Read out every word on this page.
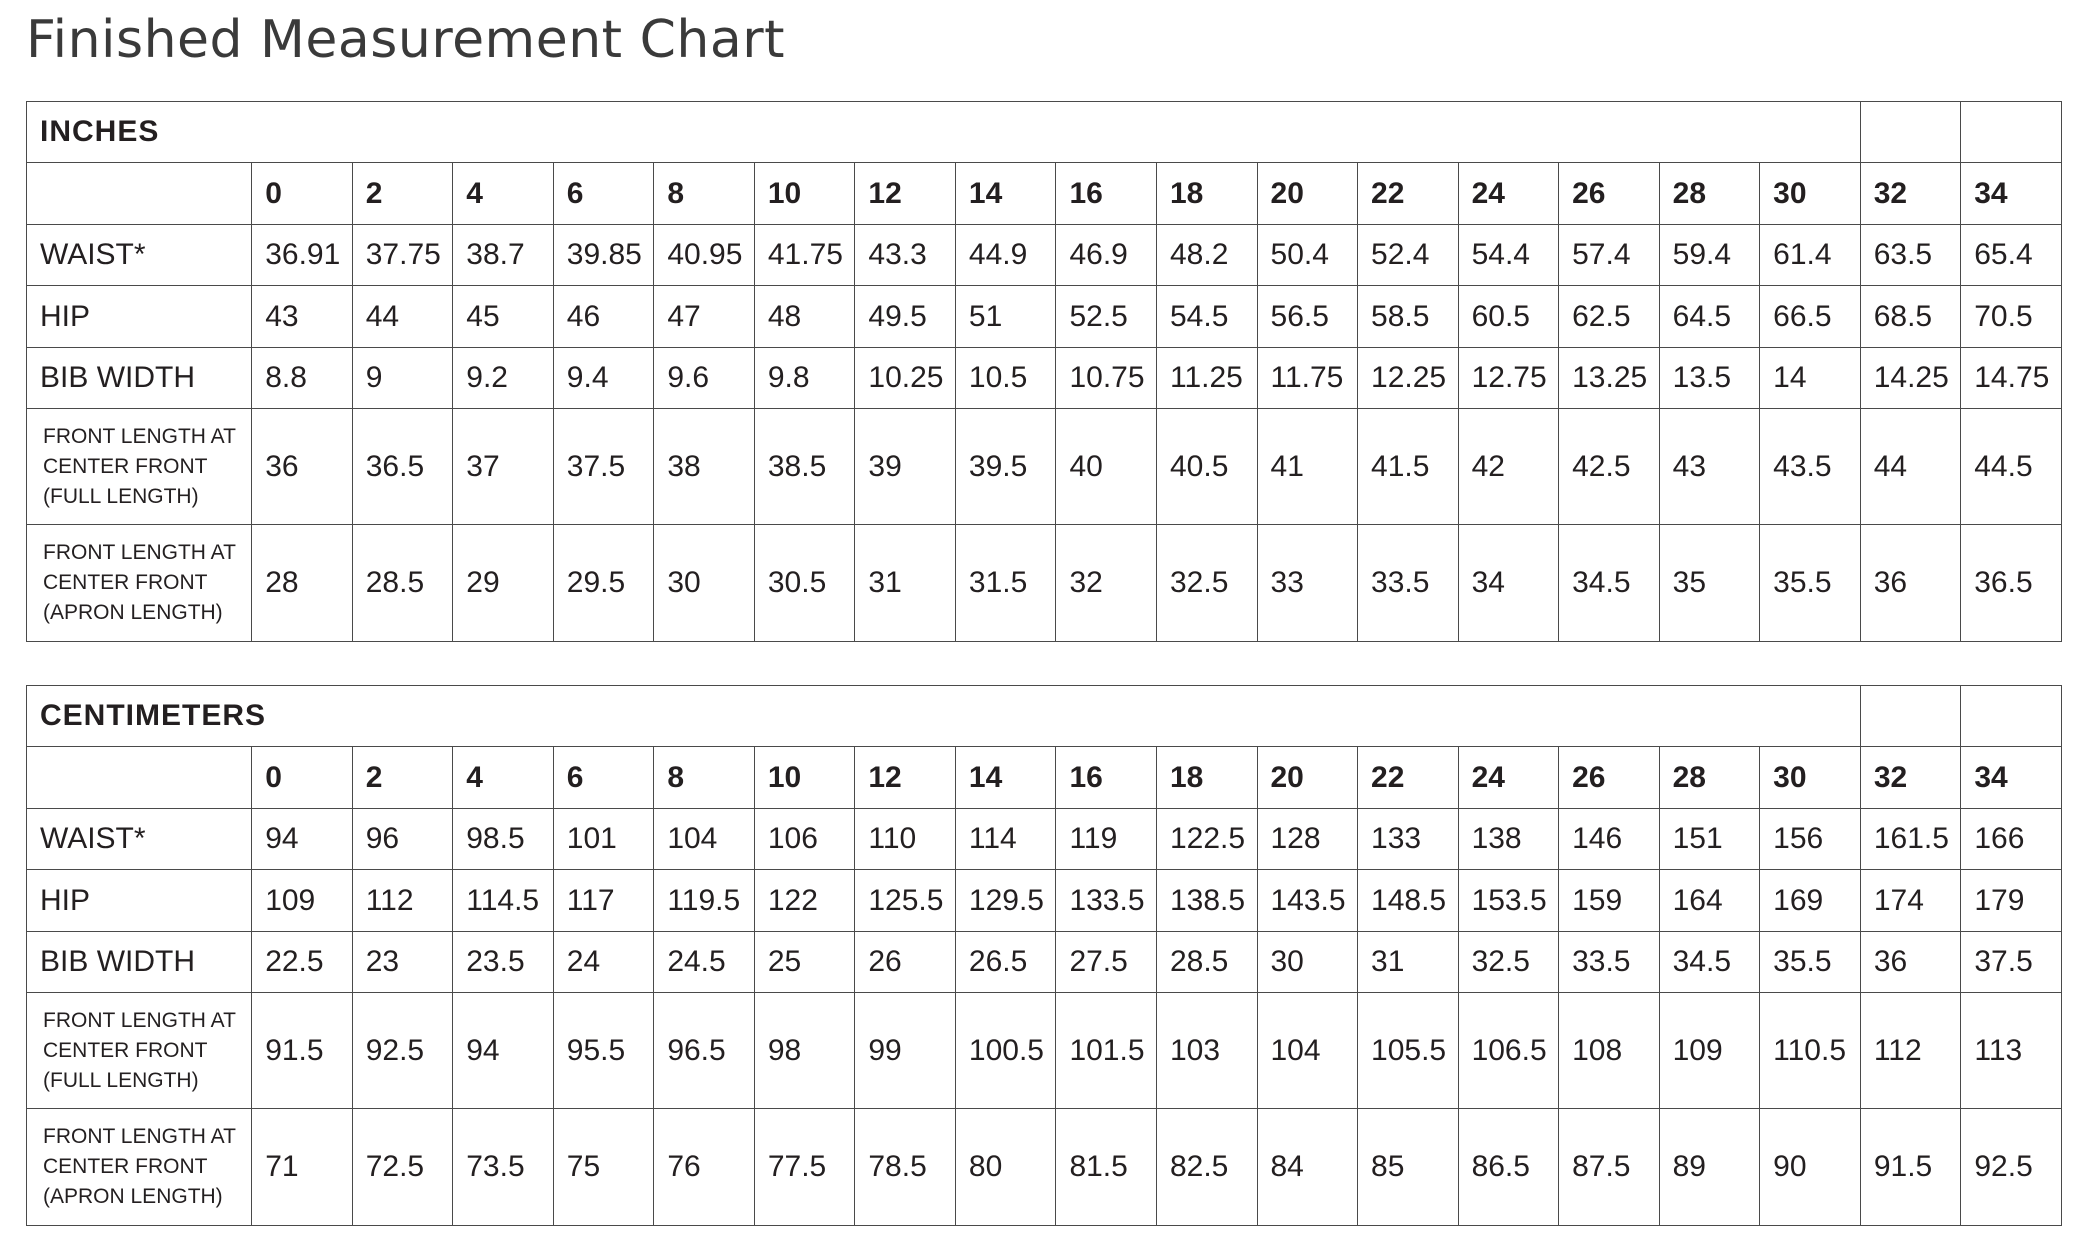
Finished Measurement Chart
INCHES																		
	0	2	4	6	8	10	12	14	16	18	20	22	24	26	28	30	32	34
WAIST*	36.91	37.75	38.7	39.85	40.95	41.75	43.3	44.9	46.9	48.2	50.4	52.4	54.4	57.4	59.4	61.4	63.5	65.4
HIP	43	44	45	46	47	48	49.5	51	52.5	54.5	56.5	58.5	60.5	62.5	64.5	66.5	68.5	70.5
BIB WIDTH	8.8	9	9.2	9.4	9.6	9.8	10.25	10.5	10.75	11.25	11.75	12.25	12.75	13.25	13.5	14	14.25	14.75
FRONT LENGTH AT CENTER FRONT (FULL LENGTH)	36	36.5	37	37.5	38	38.5	39	39.5	40	40.5	41	41.5	42	42.5	43	43.5	44	44.5
FRONT LENGTH AT CENTER FRONT (APRON LENGTH)	28	28.5	29	29.5	30	30.5	31	31.5	32	32.5	33	33.5	34	34.5	35	35.5	36	36.5
CENTIMETERS																		
	0	2	4	6	8	10	12	14	16	18	20	22	24	26	28	30	32	34
WAIST*	94	96	98.5	101	104	106	110	114	119	122.5	128	133	138	146	151	156	161.5	166
HIP	109	112	114.5	117	119.5	122	125.5	129.5	133.5	138.5	143.5	148.5	153.5	159	164	169	174	179
BIB WIDTH	22.5	23	23.5	24	24.5	25	26	26.5	27.5	28.5	30	31	32.5	33.5	34.5	35.5	36	37.5
FRONT LENGTH AT CENTER FRONT (FULL LENGTH)	91.5	92.5	94	95.5	96.5	98	99	100.5	101.5	103	104	105.5	106.5	108	109	110.5	112	113
FRONT LENGTH AT CENTER FRONT (APRON LENGTH)	71	72.5	73.5	75	76	77.5	78.5	80	81.5	82.5	84	85	86.5	87.5	89	90	91.5	92.5
